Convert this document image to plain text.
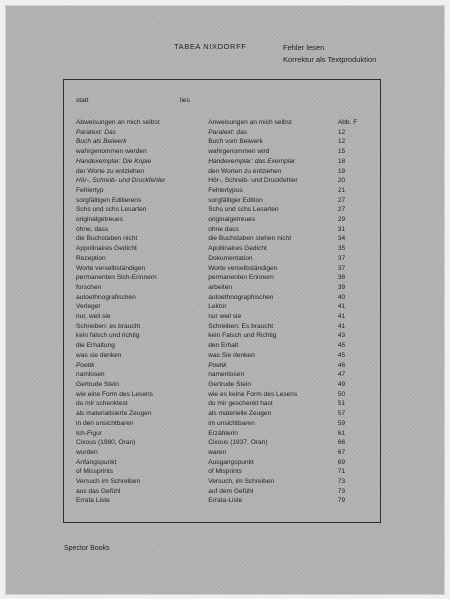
TABEA NIXDORFF	Fehler lesen
Korrektur als Textproduktion
statt	lies
Abweisungen an mich selbst	Anweisungen an mich selbst	Abb. F
Paratext: Das	Paratext: das	12
Buch als Beiwerk	Buch vom Beiwerk	12
wahrgenommen werden	wahrgenommen wird	15
Handexemplar: Die Kopie	Handexemplar: das Exemplar	18
der Worte zu entziehen	den Worten zu entziehen	19
Hör-, Schreib- und Druckfehler	Hör-, Schreib- und Druckfehler	20
Fehlertyp	Fehlertypus	21
sorgfältigen Editierens	sorgfältiger Edition	27
Schs und schs Lesarten	Schs und schs Lesarten	27
originalgetreues	originalgetreues	29
ohne, dass	ohne dass	31
die Buchstaben nicht	die Buchstaben stehen nicht	34
Appolinaires Gedicht	Apollinaires Gedicht	35
Rezeption	Dokumentation	37
Worte verselbständigen	Worte verselbständigen	37
permanenten Sich-Erinnern	permanenten Erinnern	38
forschen	arbeiten	39
autoethnografischen	autoethnographischen	40
Verleger	Lektor	41
nur, weil sie	nur weil sie	41
Schreiben: es braucht	Schreiben: Es braucht	41
kein falsch und richtig	kein Falsch und Richtig	43
die Erhaltung	den Erhalt	45
was sie denken	was Sie denken	45
Poetik	Poetik	46
namlosen	namenlosen	47
Gertrude Stein	Gertrude Stein	49
wie eine Form des Lesens	wie es keine Form des Lesens	50
du mir schenktest	du mir geschenkt hast	51
als materialisierte Zeugen	als materielle Zeugen	57
in den unsichtbaren	im unsichtbaren	59
Ich-Figur	Erzählerin	61
Cixous (1980, Oran)	Cixous (1937, Oran)	66
wurden	waren	67
Anfangspunkt	Ausgangspunkt	69
of Missprints	of Misprints	71
Versuch im Schreiben	Versuch, im Schreiben	73
aus das Gefühl	auf dem Gefühl	73
Errata Liste	Errata-Liste	79
Spector Books
